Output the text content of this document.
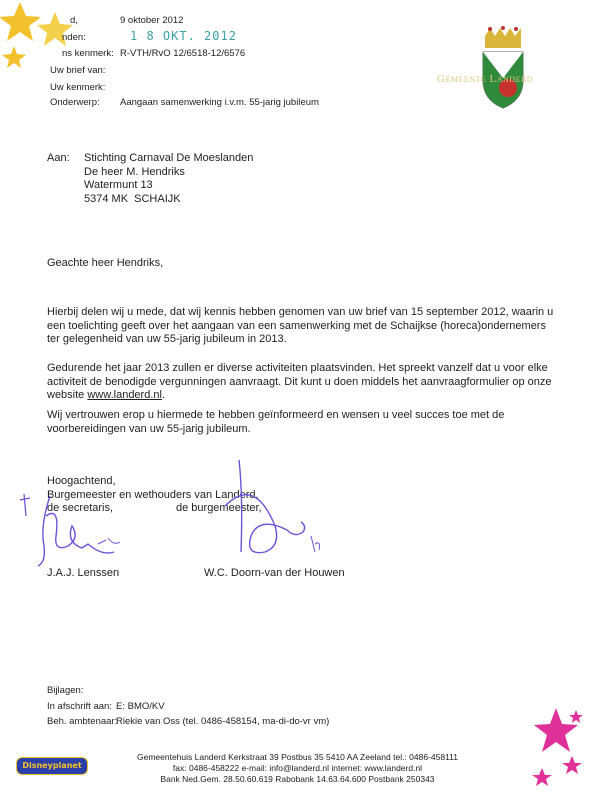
d,	9 oktober 2012
nden:	1 8 OKT. 2012
ns kenmerk: R-VTH/RvO 12/6518-12/6576
Uw brief van:
Uw kenmerk:
Onderwerp:	Aangaan samenwerking i.v.m. 55-jarig jubileum
Gemeente Landerd
Aan: Stichting Carnaval De Moeslanden
De heer M. Hendriks
Watermunt 13
5374 MK  SCHAIJK
Geachte heer Hendriks,
Hierbij delen wij u mede, dat wij kennis hebben genomen van uw brief van 15 september 2012, waarin u een toelichting geeft over het aangaan van een samenwerking met de Schaijkse (horeca)ondernemers ter gelegenheid van uw 55-jarig jubileum in 2013.
Gedurende het jaar 2013 zullen er diverse activiteiten plaatsvinden. Het spreekt vanzelf dat u voor elke activiteit de benodigde vergunningen aanvraagt. Dit kunt u doen middels het aanvraagformulier op onze website www.landerd.nl.
Wij vertrouwen erop u hiermede te hebben geïnformeerd en wensen u veel succes toe met de voorbereidingen van uw 55-jarig jubileum.
Hoogachtend,
Burgemeester en wethouders van Landerd,
de secretaris,	de burgemeester,
J.A.J. Lenssen	W.C. Doorn-van der Houwen
Bijlagen:
In afschrift aan: E: BMO/KV
Beh. ambtenaar:
Riekie van Oss (tel. 0486-458154, ma-di-do-vr vm)
Gemeentehuis Landerd Kerkstraat 39 Postbus 35 5410 AA Zeeland tel.: 0486-458111
fax: 0486-458222 e-mail: info@landerd.nl internet: www.landerd.nl
Bank Ned.Gem. 28.50.60.619 Rabobank 14.63.64.600 Postbank 250343
Disneyplanet
